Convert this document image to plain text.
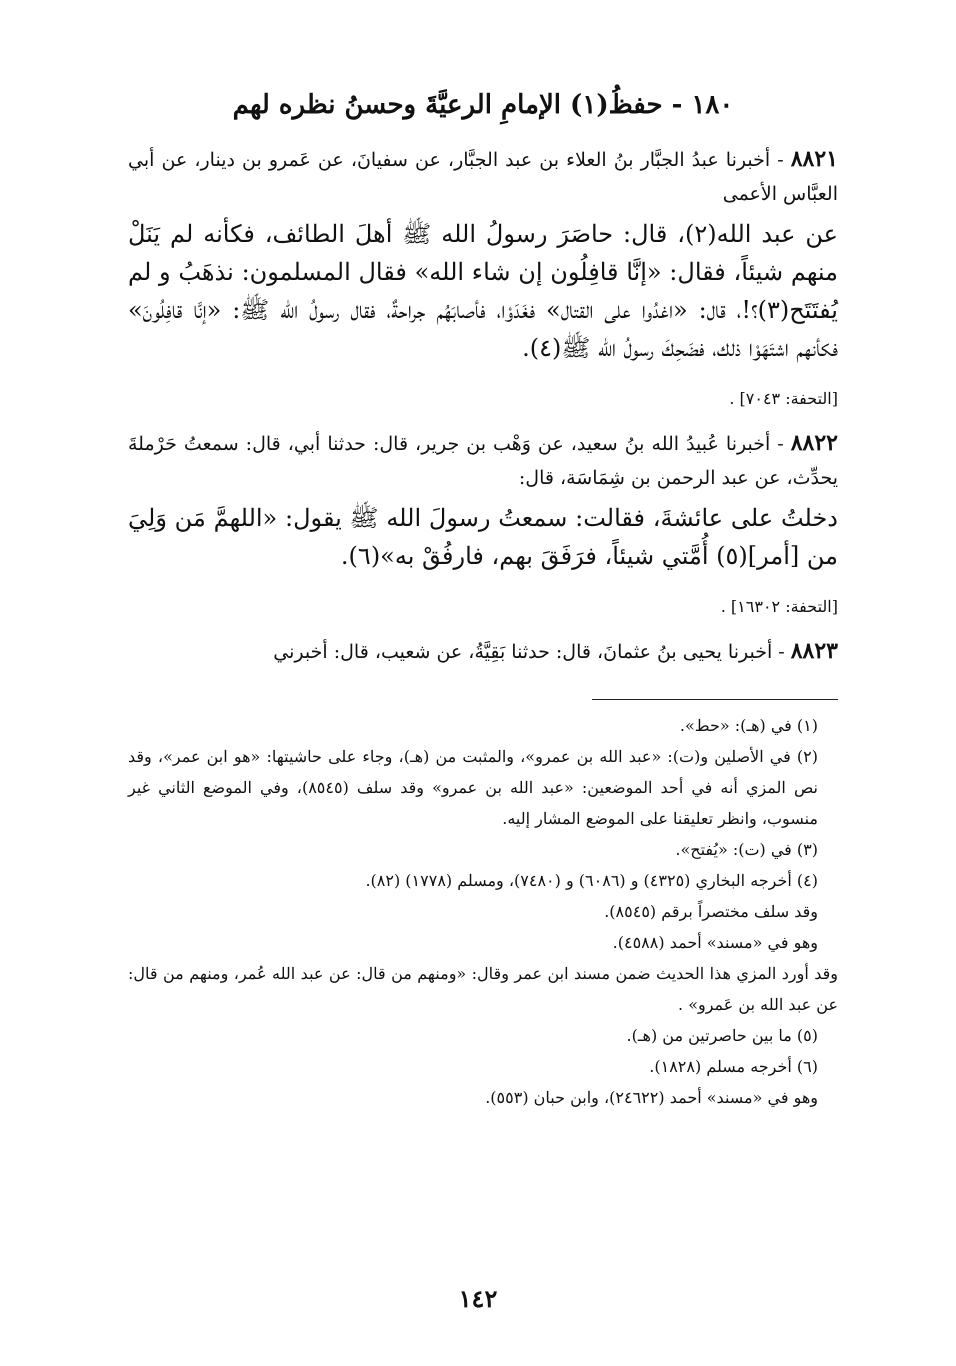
١٨٠ - حفظُ(١) الإمامِ الرعيَّةَ وحسنُ نظره لهم

٨٨٢١ - أخبرنا عبدُ الجبَّار بنُ العلاء بن عبد الجبَّار، عن سفيانَ، عن عَمرو بن دينار، عن أبي العبَّاس الأعمى

عن عبد الله(٢)، قال: حاصَرَ رسولُ الله ﷺ أهلَ الطائف، فكأنه لم يَنَلْ منهم شيئاً، فقال: «إنَّا قافِلُون إن شاء الله» فقال المسلمون: نذهَبُ و لم يُفتَتَح(٣)؟!، قال: «اغدُوا على القتال» فغَدَوْا، فأصابَهُم جراحةٌ، فقال رسولُ الله ﷺ: «إنَّا قافِلُونَ» فكأنهم اشتَهَوْا ذلك، فضَحِكَ رسولُ الله ﷺ(٤).

[التحفة: ٧٠٤٣] .

٨٨٢٢ - أخبرنا عُبيدُ الله بنُ سعيد، عن وَهْب بن جرير، قال: حدثنا أبي، قال: سمعتُ حَرْملةَ يحدِّث، عن عبد الرحمن بن شِمَاسَة، قال:

دخلتُ على عائشةَ، فقالت: سمعتُ رسولَ الله ﷺ يقول: «اللهمَّ مَن وَلِيَ من [أمر](٥) أُمَّتي شيئاً، فرَفَقَ بهم، فارفُقْ به»(٦).

[التحفة: ١٦٣٠٢] .

٨٨٢٣ - أخبرنا يحيى بنُ عثمانَ، قال: حدثنا بَقِيَّةُ، عن شعيب، قال: أخبرني

(١) في (هـ): «حط».

(٢) في الأصلين و(ت): «عبد الله بن عمرو»، والمثبت من (هـ)، وجاء على حاشيتها: «هو ابن عمر»، وقد نص المزي أنه في أحد الموضعين: «عبد الله بن عمرو» وقد سلف (٨٥٤٥)، وفي الموضع الثاني غير منسوب، وانظر تعليقنا على الموضع المشار إليه.

(٣) في (ت): «يُفتح».

(٤) أخرجه البخاري (٤٣٢٥) و (٦٠٨٦) و (٧٤٨٠)، ومسلم (١٧٧٨) (٨٢).

وقد سلف مختصراً برقم (٨٥٤٥).

وهو في «مسند» أحمد (٤٥٨٨).

وقد أورد المزي هذا الحديث ضمن مسند ابن عمر وقال: «ومنهم من قال: عن عبد الله عُمر، ومنهم من قال: عن عبد الله بن عَمرو» .

(٥) ما بين حاصرتين من (هـ).

(٦) أخرجه مسلم (١٨٢٨).

وهو في «مسند» أحمد (٢٤٦٢٢)، وابن حبان (٥٥٣).

١٤٢
